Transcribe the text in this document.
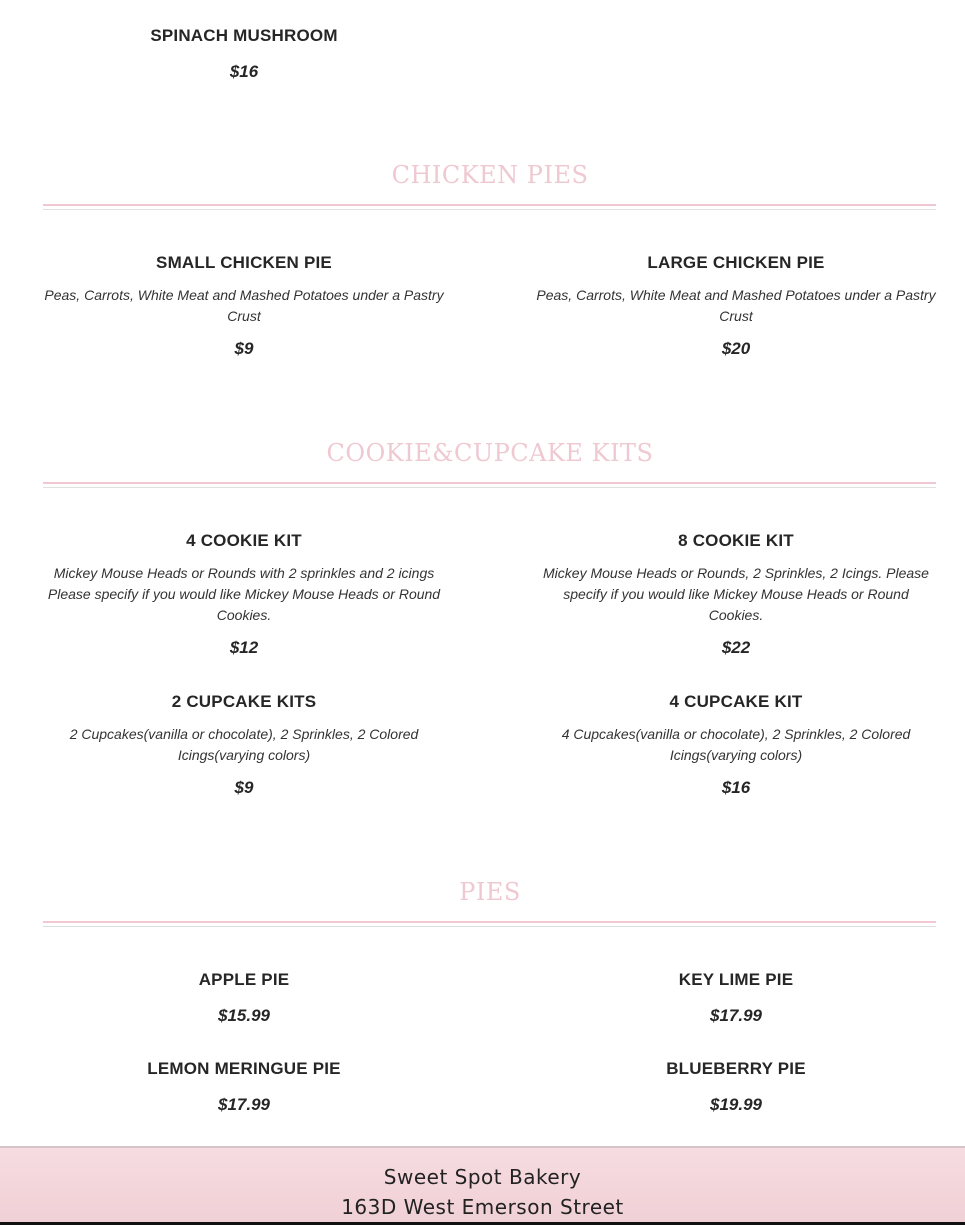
SPINACH MUSHROOM
$16
CHICKEN PIES
SMALL CHICKEN PIE
Peas, Carrots, White Meat and Mashed Potatoes under a Pastry Crust
$9
LARGE CHICKEN PIE
Peas, Carrots, White Meat and Mashed Potatoes under a Pastry Crust
$20
COOKIE&CUPCAKE KITS
4 COOKIE KIT
Mickey Mouse Heads or Rounds with 2 sprinkles and 2 icings Please specify if you would like Mickey Mouse Heads or Round Cookies.
$12
8 COOKIE KIT
Mickey Mouse Heads or Rounds, 2 Sprinkles, 2 Icings. Please specify if you would like Mickey Mouse Heads or Round Cookies.
$22
2 CUPCAKE KITS
2 Cupcakes(vanilla or chocolate), 2 Sprinkles, 2 Colored Icings(varying colors)
$9
4 CUPCAKE KIT
4 Cupcakes(vanilla or chocolate), 2 Sprinkles, 2 Colored Icings(varying colors)
$16
PIES
APPLE PIE
$15.99
KEY LIME PIE
$17.99
LEMON MERINGUE PIE
$17.99
BLUEBERRY PIE
$19.99
Sweet Spot Bakery
163D West Emerson Street
